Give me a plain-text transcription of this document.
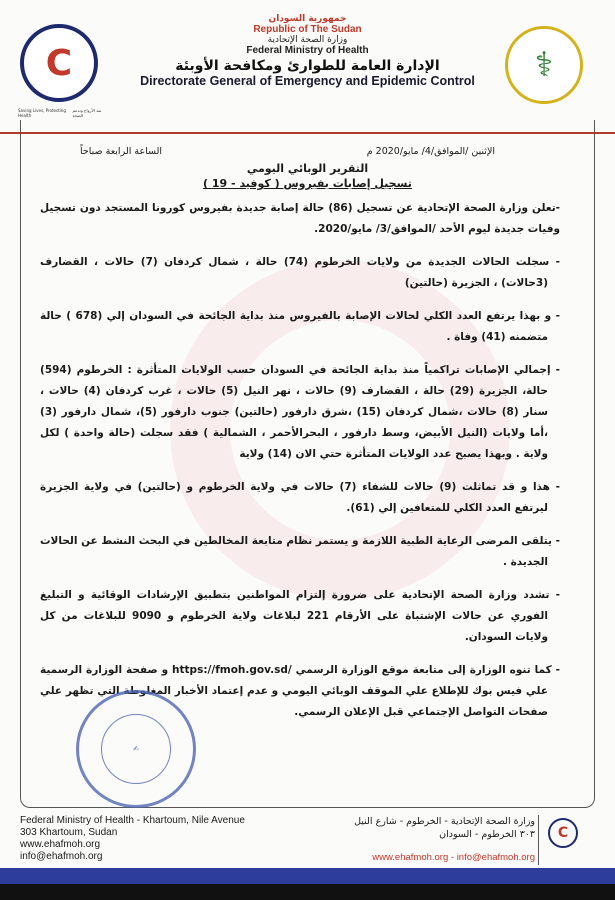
C
Saving Lives, Protecting Health
نفذ الأرواح وندعم الصحة
⚕
جمهورية السودان
Republic of The Sudan
وزارة الصحة الإتحادية
Federal Ministry of Health
الإدارة العامة للطوارئ ومكافحة الأوبئة
Directorate General of Emergency and Epidemic Control
الإثنين /الموافق/4/ مايو/2020 م
الساعة الرابعة صباحاً
التقرير الوبائي اليومي
تسجيل إصابات بفيروس ( كوفيد - 19 )

-تعلن وزارة الصحة الإتحادية عن تسجيل (86) حالة إصابة جديدة بفيروس كورونا المستجد دون تسجيل وفيات جديدة ليوم الأحد /الموافق/3/ مايو/2020.

- سجلت الحالات الجديدة من ولايات الخرطوم (74) حالة ، شمال كردفان (7) حالات ، القضارف (3حالات) ، الجزيرة (حالتين)

- و بهذا يرتفع العدد الكلي لحالات الإصابة بالفيروس منذ بداية الجائحة في السودان إلي (678 ) حالة متضمنه (41) وفاة .

- إجمالي الإصابات تراكمياً منذ بداية الجائحة في السودان حسب الولايات المتأثرة : الخرطوم (594) حالة، الجزيرة (29) حالة ، القضارف (9) حالات ، نهر النيل (5) حالات ، غرب كردفان (4) حالات ، سنار (8) حالات ،شمال كردفان (15) ،شرق دارفور (حالتين) جنوب دارفور (5)، شمال دارفور (3) ،أما ولايات (النيل الأبيض، وسط دارفور ، البحرالأحمر ، الشمالية ) فقد سجلت (حالة واحدة ) لكل ولاية . وبهذا يصبح عدد الولايات المتأثرة حتي الان (14) ولاية

- هذا و قد تماثلت (9) حالات للشفاء (7) حالات في ولاية الخرطوم و (حالتين) في ولاية الجزيرة ليرتفع العدد الكلي للمتعافين إلي (61).

- يتلقى المرضى الرعاية الطبية اللازمة و يستمر نظام متابعة المخالطين في البحث النشط عن الحالات الجديدة .

- تشدد وزارة الصحة الإتحادية على ضرورة إلتزام المواطنين بتطبيق الإرشادات الوقائية و التبليغ الفوري عن حالات الإشتباة على الأرقام 221 لبلاغات ولاية الخرطوم و 9090 للبلاغات من كل ولايات السودان.

- كما تنوه الوزارة إلى متابعة موقع الوزارة الرسمي /https://fmoh.gov.sd و صفحة الوزارة الرسمية علي فيس بوك للإطلاع علي الموقف الوبائي اليومي و عدم إعتماد الأخبار المغلوطة التي تظهر علي صفحات التواصل الإجتماعي قبل الإعلان الرسمي.

✍
Federal Ministry of Health - Khartoum, Nile Avenue
303 Khartoum, Sudan
www.ehafmoh.org
info@ehafmoh.org
وزارة الصحة الإتحادية - الخرطوم - شارع النيل
٣٠٣ الخرطوم - السودان
www.ehafmoh.org - info@ehafmoh.org
C
